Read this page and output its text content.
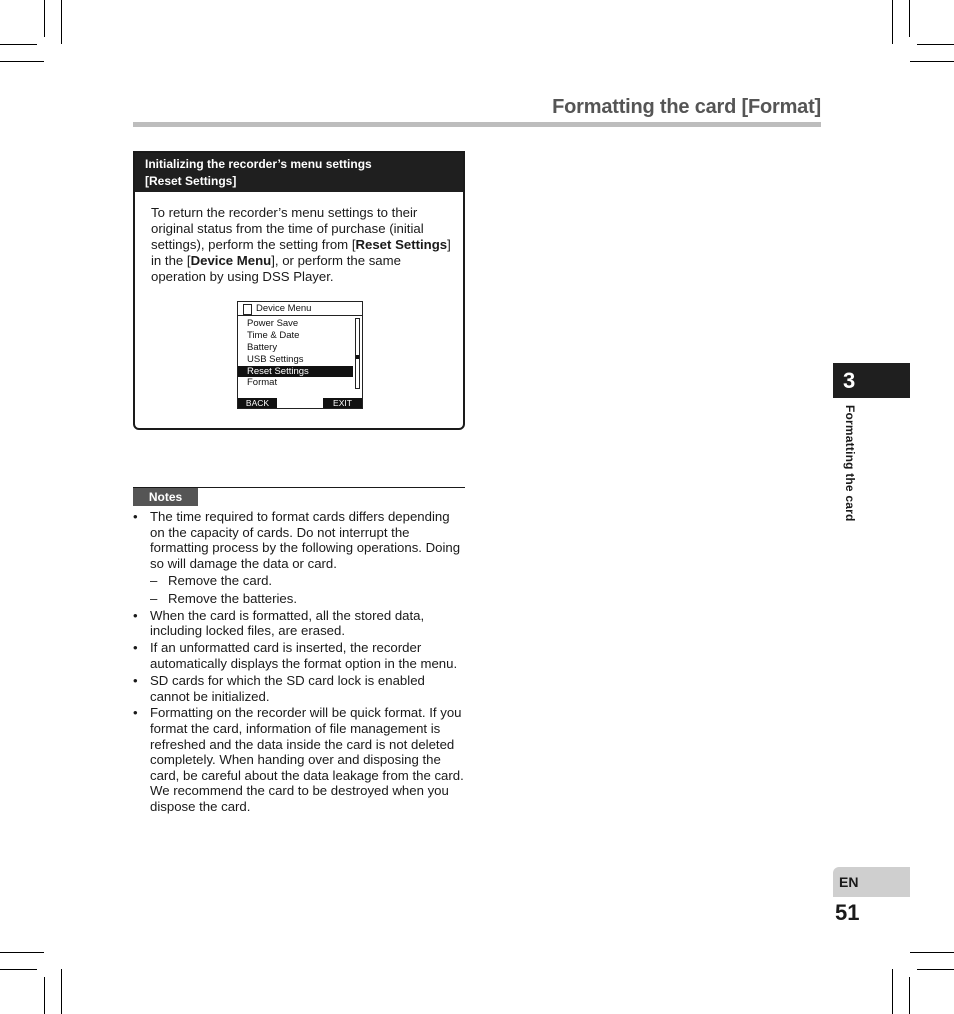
Formatting the card [Format]
Initializing the recorder’s menu settings
[Reset Settings]
To return the recorder’s menu settings to their original status from the time of purchase (initial settings), perform the setting from [Reset Settings] in the [Device Menu], or perform the same operation by using DSS Player.
Device Menu
Power Save
Time & Date
Battery
USB Settings
Reset Settings
Format
BACK	EXIT
Notes
• The time required to format cards differs depending on the capacity of cards. Do not interrupt the formatting process by the following operations. Doing so will damage the data or card.
– Remove the card.
– Remove the batteries.
• When the card is formatted, all the stored data, including locked files, are erased.
• If an unformatted card is inserted, the recorder automatically displays the format option in the menu.
• SD cards for which the SD card lock is enabled cannot be initialized.
• Formatting on the recorder will be quick format. If you format the card, information of file management is refreshed and the data inside the card is not deleted completely. When handing over and disposing the card, be careful about the data leakage from the card. We recommend the card to be destroyed when you dispose the card.
3
Formatting the card
EN
51
